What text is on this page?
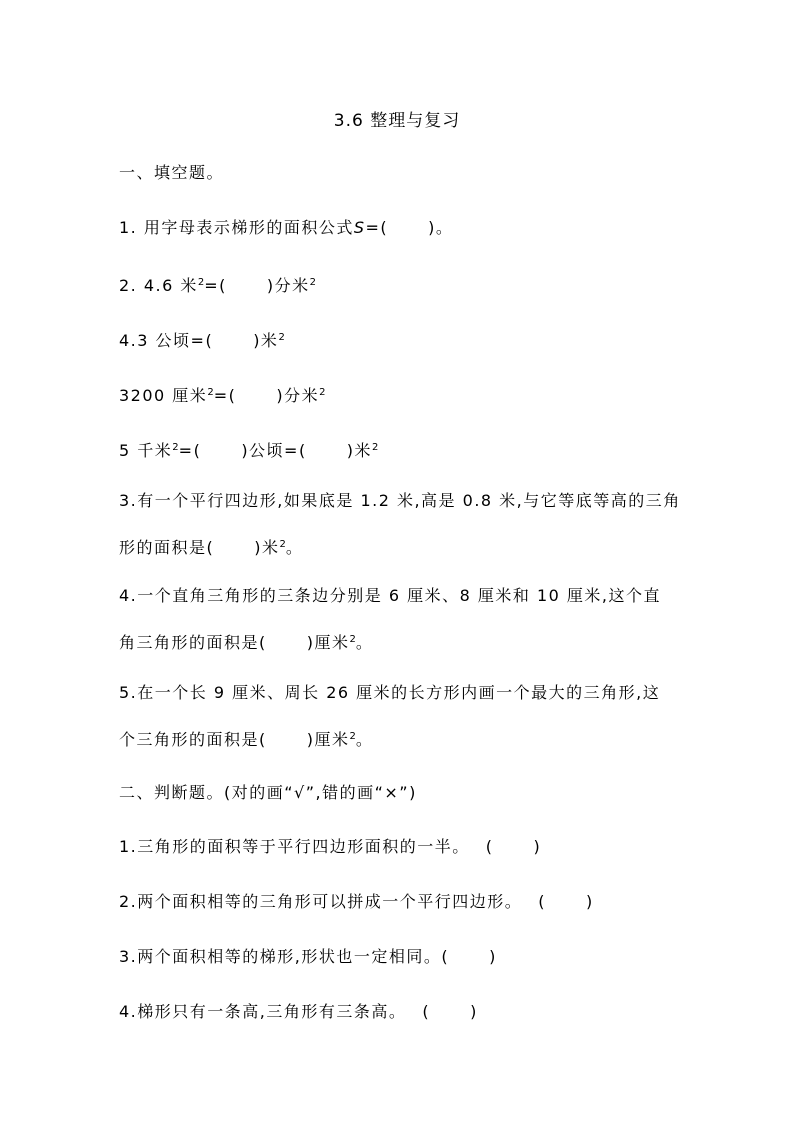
3.6 整理与复习
一、填空题。
1. 用字母表示梯形的面积公式S=(	)。
2. 4.6 米$^2$=(	)分米$^2$
4.3 公顷=(	)米$^2$
3200 厘米$^2$=(	)分米$^2$
5 千米$^2$=(	)公顷=(	)米$^2$
3.有一个平行四边形,如果底是 1.2 米,高是 0.8 米,与它等底等高的三角
形的面积是(	)米$^2$。
4.一个直角三角形的三条边分别是 6 厘米、8 厘米和 10 厘米,这个直
角三角形的面积是(	)厘米$^2$。
5.在一个长 9 厘米、周长 26 厘米的长方形内画一个最大的三角形,这
个三角形的面积是(	)厘米$^2$。
二、判断题。(对的画“√”,错的画“×”)
1.三角形的面积等于平行四边形面积的一半。 (	)
2.两个面积相等的三角形可以拼成一个平行四边形。 (	)
3.两个面积相等的梯形,形状也一定相同。(	)
4.梯形只有一条高,三角形有三条高。 (	)
